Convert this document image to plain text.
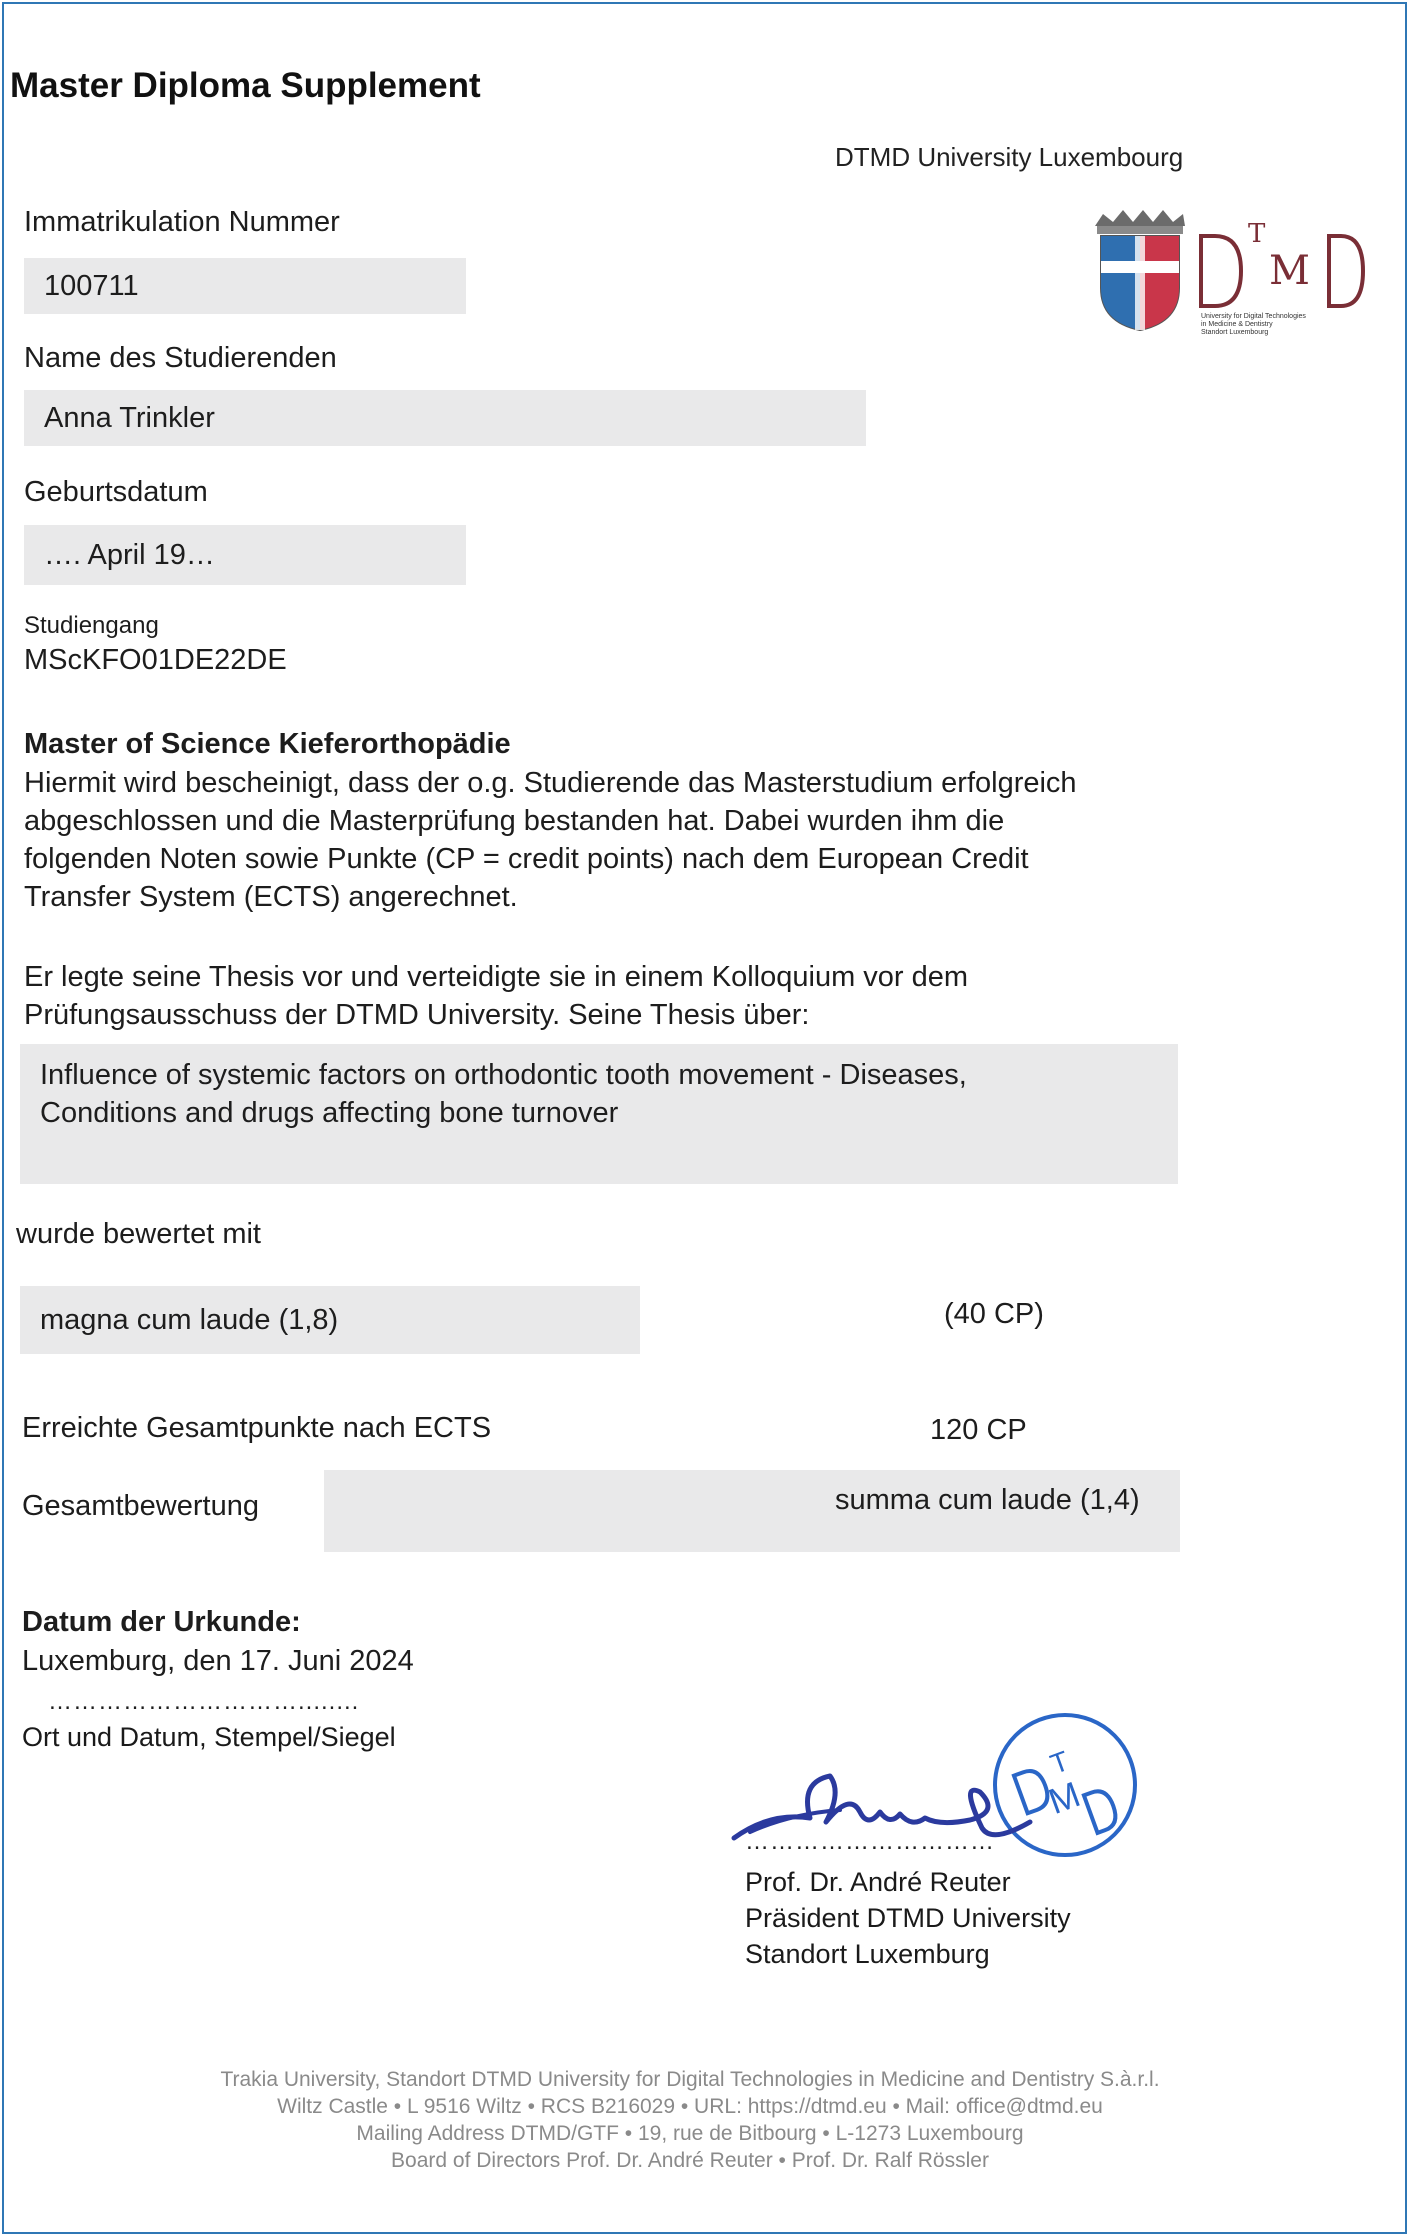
Master Diploma Supplement
DTMD University Luxembourg
T
M
University for Digital Technologies
in Medicine & Dentistry
Standort Luxembourg
Immatrikulation Nummer
100711
Name des Studierenden
Anna Trinkler
Geburtsdatum
…. April 19…
Studiengang
MScKFO01DE22DE
Master of Science Kieferorthopädie
Hiermit wird bescheinigt, dass der o.g. Studierende das Masterstudium erfolgreich
abgeschlossen und die Masterprüfung bestanden hat. Dabei wurden ihm die
folgenden Noten sowie Punkte (CP = credit points) nach dem European Credit
Transfer System (ECTS) angerechnet.
Er legte seine Thesis vor und verteidigte sie in einem Kolloquium vor dem
Prüfungsausschuss der DTMD University. Seine Thesis über:
Influence of systemic factors on orthodontic tooth movement - Diseases,
Conditions and drugs affecting bone turnover
wurde bewertet mit
magna cum laude (1,8)	(40 CP)
Erreichte Gesamtpunkte nach ECTS	120 CP
Gesamtbewertung	summa cum laude (1,4)
Datum der Urkunde:
Luxemburg, den 17. Juni 2024
…………………………........
Ort und Datum, Stempel/Siegel
T
M
…………………………
Prof. Dr. André Reuter
Präsident DTMD University
Standort Luxemburg
Trakia University, Standort DTMD University for Digital Technologies in Medicine and Dentistry S.à.r.l.
Wiltz Castle • L 9516 Wiltz • RCS B216029 • URL: https://dtmd.eu • Mail: office@dtmd.eu
Mailing Address DTMD/GTF • 19, rue de Bitbourg • L-1273 Luxembourg
Board of Directors Prof. Dr. André Reuter • Prof. Dr. Ralf Rössler
